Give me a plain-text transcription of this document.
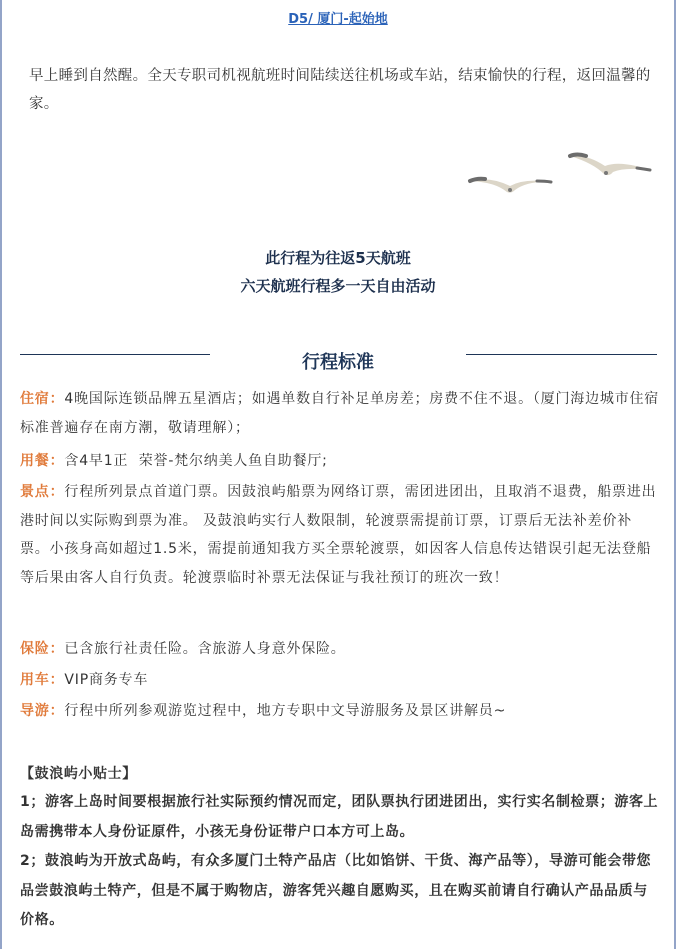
D5/ 厦门-起始地
早上睡到自然醒。全天专职司机视航班时间陆续送往机场或车站，结束愉快的行程，返回温馨的家。
此行程为往返5天航班
六天航班行程多一天自由活动
行程标准
住宿：4晚国际连锁品牌五星酒店；如遇单数自行补足单房差；房费不住不退。（厦门海边城市住宿标准普遍存在南方潮，敬请理解）；
用餐：含4早1正  荣誉-梵尔纳美人鱼自助餐厅;
景点：行程所列景点首道门票。因鼓浪屿船票为网络订票，需团进团出，且取消不退费，船票进出港时间以实际购到票为准。 及鼓浪屿实行人数限制，轮渡票需提前订票，订票后无法补差价补票。小孩身高如超过1.5米，需提前通知我方买全票轮渡票，如因客人信息传达错误引起无法登船等后果由客人自行负责。轮渡票临时补票无法保证与我社预订的班次一致！
保险：已含旅行社责任险。含旅游人身意外保险。
用车：VIP商务专车
导游：行程中所列参观游览过程中，地方专职中文导游服务及景区讲解员~
【鼓浪屿小贴士】
1；游客上岛时间要根据旅行社实际预约情况而定，团队票执行团进团出，实行实名制检票；游客上岛需携带本人身份证原件，小孩无身份证带户口本方可上岛。
2；鼓浪屿为开放式岛屿，有众多厦门土特产品店（比如馅饼、干货、海产品等），导游可能会带您品尝鼓浪屿土特产，但是不属于购物店，游客凭兴趣自愿购买，且在购买前请自行确认产品品质与价格。
